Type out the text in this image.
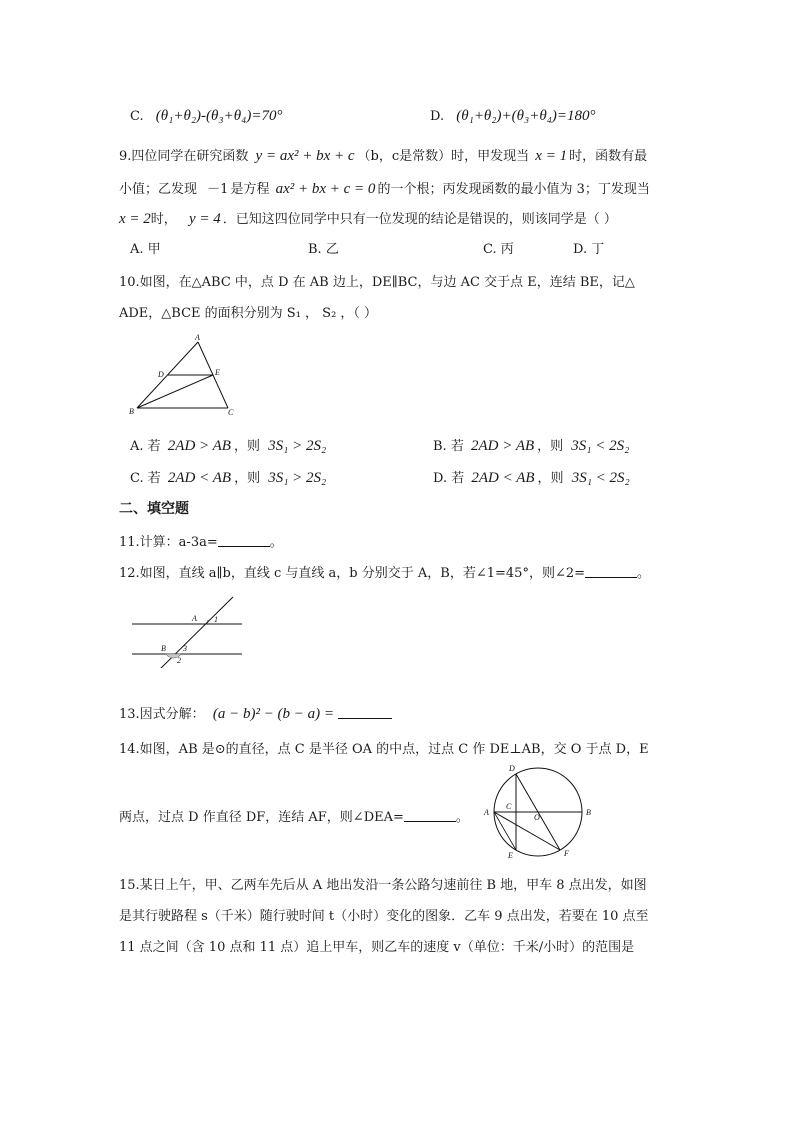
C. (θ₁+θ₂)-(θ₃+θ₄)=70°	D. (θ₁+θ₂)+(θ₃+θ₄)=180°
9.四位同学在研究函数 y = ax² + bx + c （b，c是常数）时，甲发现当 x = 1 时，函数有最
小值；乙发现 －1 是方程 ax² + bx + c = 0 的一个根；丙发现函数的最小值为 3；丁发现当
x = 2时， y = 4 ．已知这四位同学中只有一位发现的结论是错误的，则该同学是（ ）
A. 甲	B. 乙	C. 丙	D. 丁
10.如图，在△ABC 中，点 D 在 AB 边上，DE∥BC，与边 AC 交于点 E，连结 BE，记△
ADE，△BCE 的面积分别为 S₁ ， S₂ ，（ ）
A
D	E
B	C
A. 若 2AD > AB ，则 3S₁ > 2S₂	B. 若 2AD > AB ，则 3S₁ < 2S₂
C. 若 2AD < AB ，则 3S₁ > 2S₂	D. 若 2AD < AB ，则 3S₁ < 2S₂
二、填空题
11.计算：a-3a=	。
12.如图，直线 a∥b，直线 c 与直线 a，b 分别交于 A，B，若∠1=45°，则∠2=	。
A 1
B 3
2
13.因式分解： (a − b)² − (b − a) =
14.如图，AB 是⊙的直径，点 C 是半径 OA 的中点，过点 C 作 DE⊥AB，交 O 于点 D，E
两点，过点 D 作直径 DF，连结 AF，则∠DEA=	。
D
A
C
O
B
E	F
15.某日上午，甲、乙两车先后从 A 地出发沿一条公路匀速前往 B 地，甲车 8 点出发，如图
是其行驶路程 s（千米）随行驶时间 t（小时）变化的图象．乙车 9 点出发，若要在 10 点至
11 点之间（含 10 点和 11 点）追上甲车，则乙车的速度 v（单位：千米/小时）的范围是
